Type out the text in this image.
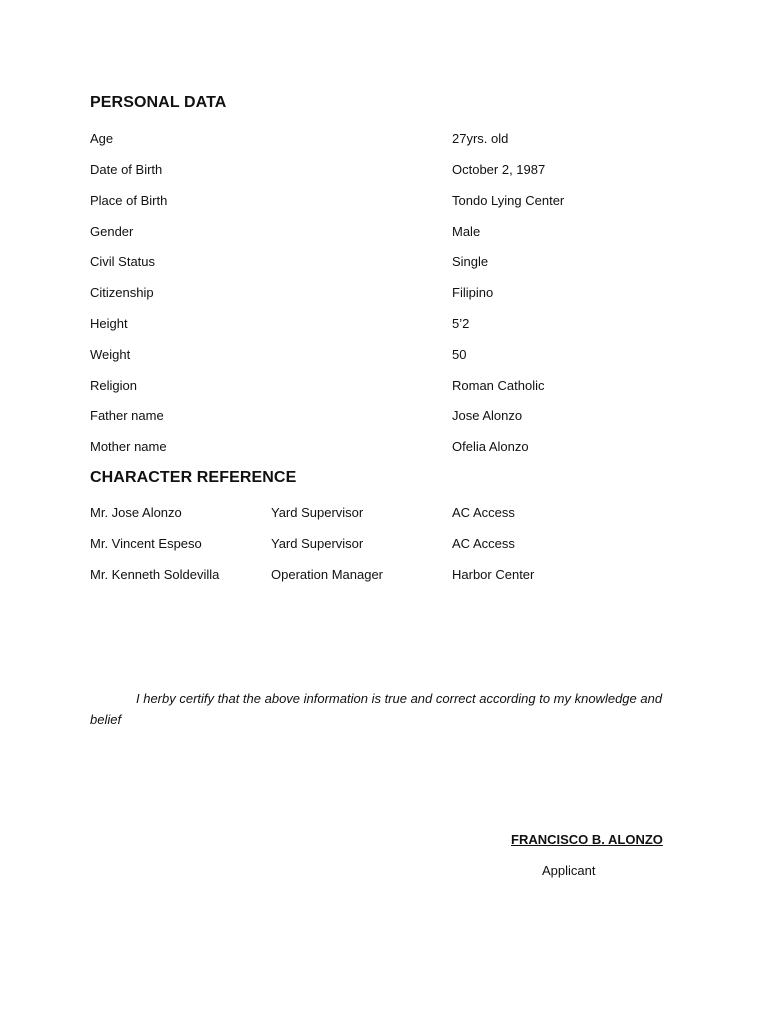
PERSONAL DATA
Age	27yrs. old
Date of Birth	October 2, 1987
Place of Birth	Tondo Lying Center
Gender	Male
Civil Status	Single
Citizenship	Filipino
Height	5’2
Weight	50
Religion	Roman Catholic
Father name	Jose Alonzo
Mother name	Ofelia Alonzo
CHARACTER REFERENCE
Mr. Jose Alonzo	Yard Supervisor	AC Access
Mr. Vincent Espeso	Yard Supervisor	AC Access
Mr. Kenneth Soldevilla	Operation Manager	Harbor Center

I herby certify that the above information is true and correct according to my knowledge and belief

FRANCISCO B. ALONZO
Applicant
